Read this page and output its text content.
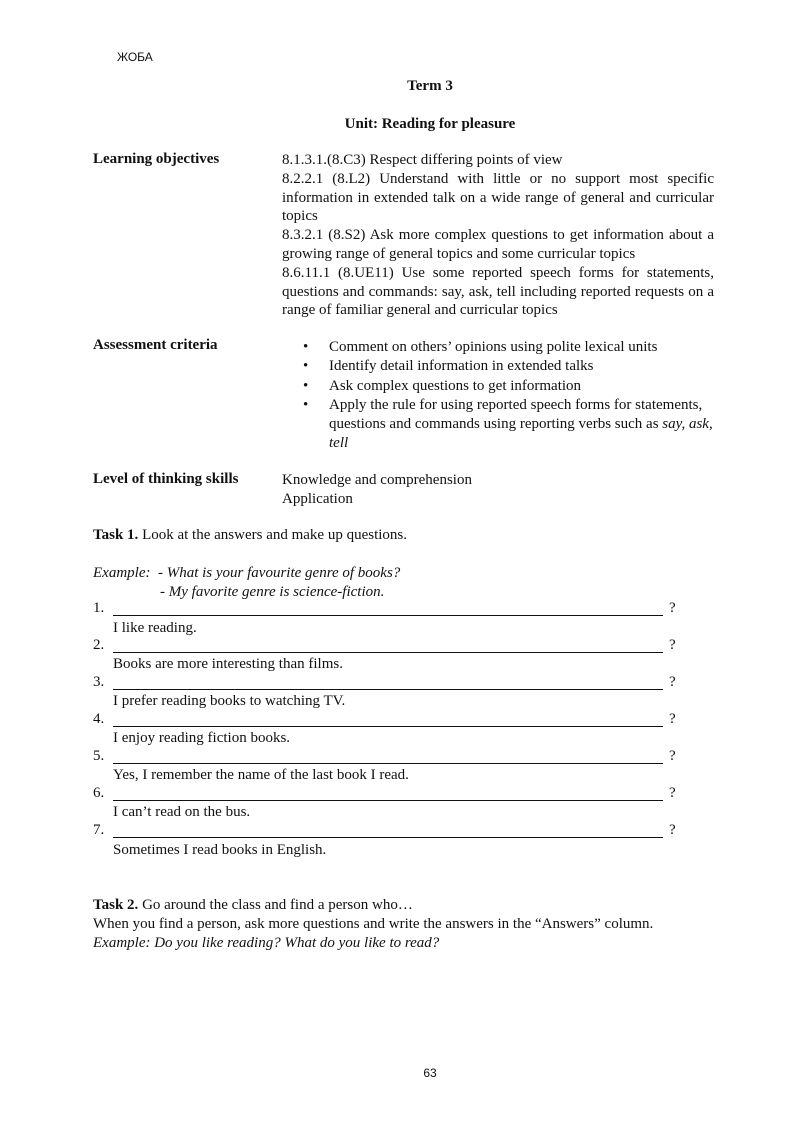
ЖОБА
Term 3
Unit: Reading for pleasure
Learning objectives	8.1.3.1.(8.C3) Respect differing points of view

8.2.2.1 (8.L2) Understand with little or no support most specific information in extended talk on a wide range of general and curricular topics

8.3.2.1 (8.S2) Ask more complex questions to get information about a growing range of general topics and some curricular topics

8.6.11.1 (8.UE11) Use some reported speech forms for statements, questions and commands: say, ask, tell including reported requests on a range of familiar general and curricular topics

Assessment criteria	• Comment on others’ opinions using polite lexical units
• Identify detail information in extended talks
• Ask complex questions to get information
• Apply the rule for using reported speech forms for statements, questions and commands using reporting verbs such as say, ask, tell
Level of thinking skills	Knowledge and comprehension

Application

Task 1. Look at the answers and make up questions.
Example: - What is your favourite genre of books?
- My favorite genre is science-fiction.
1.	?
I like reading.
2.	?
Books are more interesting than films.
3.	?
I prefer reading books to watching TV.
4.	?
I enjoy reading fiction books.
5.	?
Yes, I remember the name of the last book I read.
6.	?
I can’t read on the bus.
7.	?
Sometimes I read books in English.

Task 2. Go around the class and find a person who…

When you find a person, ask more questions and write the answers in the “Answers” column.

Example: Do you like reading? What do you like to read?

63
